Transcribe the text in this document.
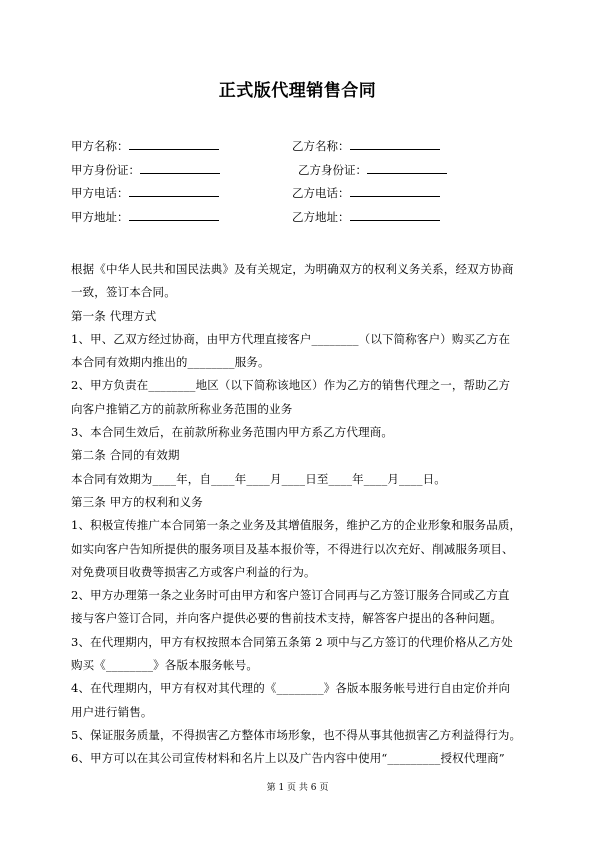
正式版代理销售合同
甲方名称：	乙方名称：
甲方身份证：	乙方身份证：
甲方电话：	乙方电话：
甲方地址：	乙方地址：
根据《中华人民共和国民法典》及有关规定，为明确双方的权利义务关系，经双方协商
一致，签订本合同。
第一条 代理方式
1、甲、乙双方经过协商，由甲方代理直接客户________（以下简称客户）购买乙方在
本合同有效期内推出的________服务。
2、甲方负责在________地区（以下简称该地区）作为乙方的销售代理之一，帮助乙方
向客户推销乙方的前款所称业务范围的业务
3、本合同生效后，在前款所称业务范围内甲方系乙方代理商。
第二条 合同的有效期
本合同有效期为____年，自____年____月____日至____年____月____日。
第三条 甲方的权利和义务
1、积极宣传推广本合同第一条之业务及其增值服务，维护乙方的企业形象和服务品质，
如实向客户告知所提供的服务项目及基本报价等，不得进行以次充好、削减服务项目、
对免费项目收费等损害乙方或客户利益的行为。
2、甲方办理第一条之业务时可由甲方和客户签订合同再与乙方签订服务合同或乙方直
接与客户签订合同，并向客户提供必要的售前技术支持，解答客户提出的各种问题。
3、在代理期内，甲方有权按照本合同第五条第 2 项中与乙方签订的代理价格从乙方处
购买《________》各版本服务帐号。
4、在代理期内，甲方有权对其代理的《________》各版本服务帐号进行自由定价并向
用户进行销售。
5、保证服务质量，不得损害乙方整体市场形象，也不得从事其他损害乙方利益得行为。
6、甲方可以在其公司宣传材料和名片上以及广告内容中使用“_________授权代理商”
第 1 页 共 6 页
